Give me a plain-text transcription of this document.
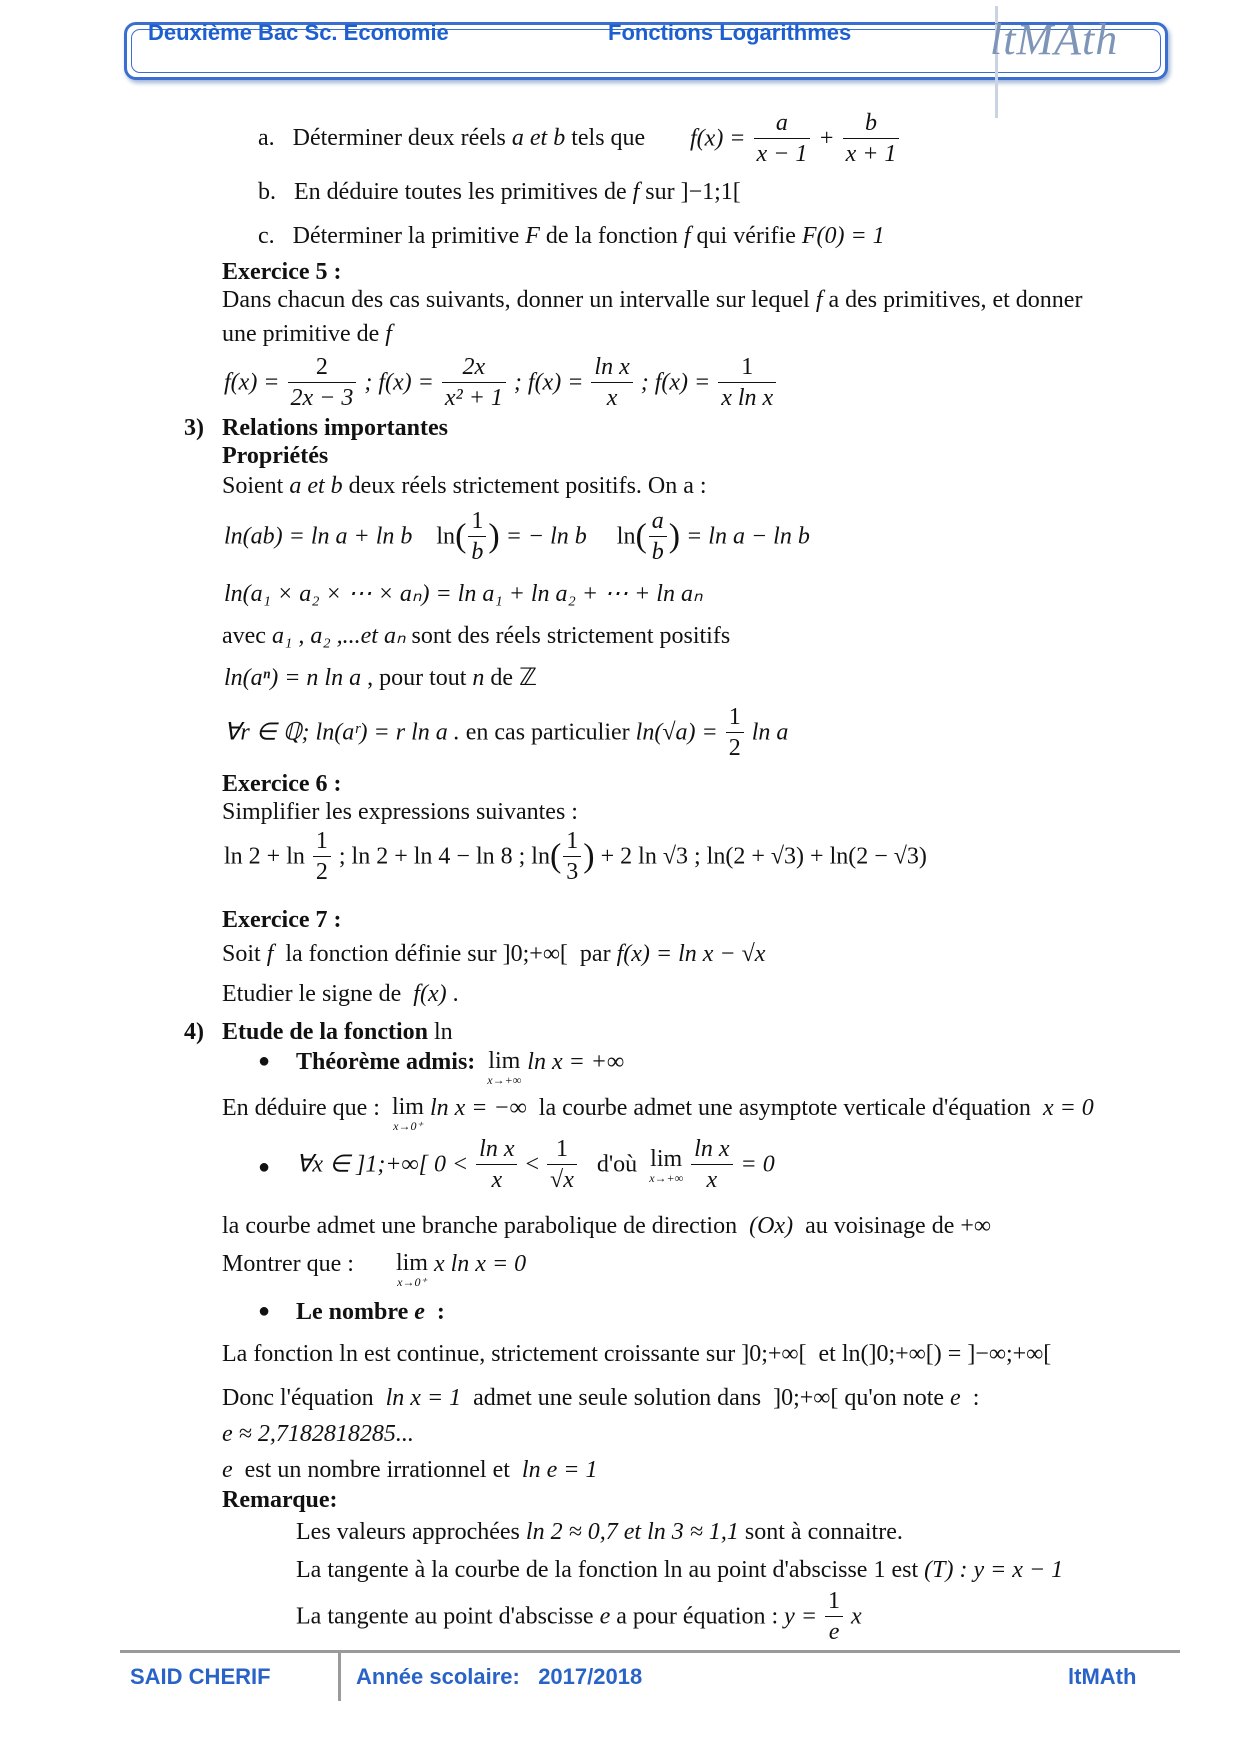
Deuxième Bac Sc. Economie	Fonctions Logarithmes	ltMAth
a. Déterminer deux réels a et b tels que $f(x) = \frac{a}{x - 1} + \frac{b}{x + 1}$
b. En déduire toutes les primitives de f sur ]−1;1[
c. Déterminer la primitive F de la fonction f qui vérifie F(0) = 1
Exercice 5 :
Dans chacun des cas suivants, donner un intervalle sur lequel f a des primitives, et donner
une primitive de f
$f(x) = \frac{2}{2x - 3}$ ; $f(x) = \frac{2x}{\text{x² + 1}}$ ; $f(x) = \frac{\text{ln x}}{x}$ ; $f(x) = \frac{1}{\text{x ln x}}$
3) Relations importantes
Propriétés
Soient a et b deux réels strictement positifs. On a :
ln(ab) = ln a + ln b $\ln( \frac{1}{b}$ ) = − ln b $\ln( \frac{a}{b}$ ) = ln a − ln b
ln(a₁ × a₂ × ⋯ × aₙ) = ln a₁ + ln a₂ + ⋯ + ln aₙ
avec a₁ , a₂ ,...et aₙ sont des réels strictement positifs
ln(aⁿ) = n ln a , pour tout n de ℤ
∀r ∈ ℚ; ln(aʳ) = r ln a . en cas particulier $\ln(√a) = \frac{1}{2}$ ln a
Exercice 6 :
Simplifier les expressions suivantes :
$\ln 2 + \ln \frac{1}{2}$ ; ln 2 + ln 4 − ln 8 ; $\ln( \frac{1}{3}$ ) + 2 ln √3 ; ln(2 + √3) + ln(2 − √3)
Exercice 7 :
Soit f la fonction définie sur ]0;+∞[ par f(x) = ln x − √x
Etudier le signe de f(x) .
4) Etude de la fonction ln
● Théorème admis: lim
x→+∞
ln x = +∞
En déduire que : lim
x→0⁺
ln x = −∞ la courbe admet une asymptote verticale d'équation x = 0
● ∀x ∈ ]1;+∞[ $0 < \frac{\text{ln x}}{x} < \frac{1}{√x}$ d'où lim
x→+∞
$\frac{\text{ln x}}{x} = 0$
la courbe admet une branche parabolique de direction (Ox) au voisinage de +∞
Montrer que : lim
x→0⁺
x ln x = 0
● Le nombre e :
La fonction ln est continue, strictement croissante sur ]0;+∞[ et ln(]0;+∞[) = ]−∞;+∞[
Donc l'équation ln x = 1 admet une seule solution dans ]0;+∞[ qu'on note e :
e ≈ 2,7182818285...
e est un nombre irrationnel et ln e = 1
Remarque:
Les valeurs approchées ln 2 ≈ 0,7 et ln 3 ≈ 1,1 sont à connaitre.
La tangente à la courbe de la fonction ln au point d'abscisse 1 est (T) : y = x − 1
La tangente au point d'abscisse e a pour équation : $y = \frac{1}{e}$ x
SAID CHERIF	Année scolaire: 2017/2018	ltMAth
